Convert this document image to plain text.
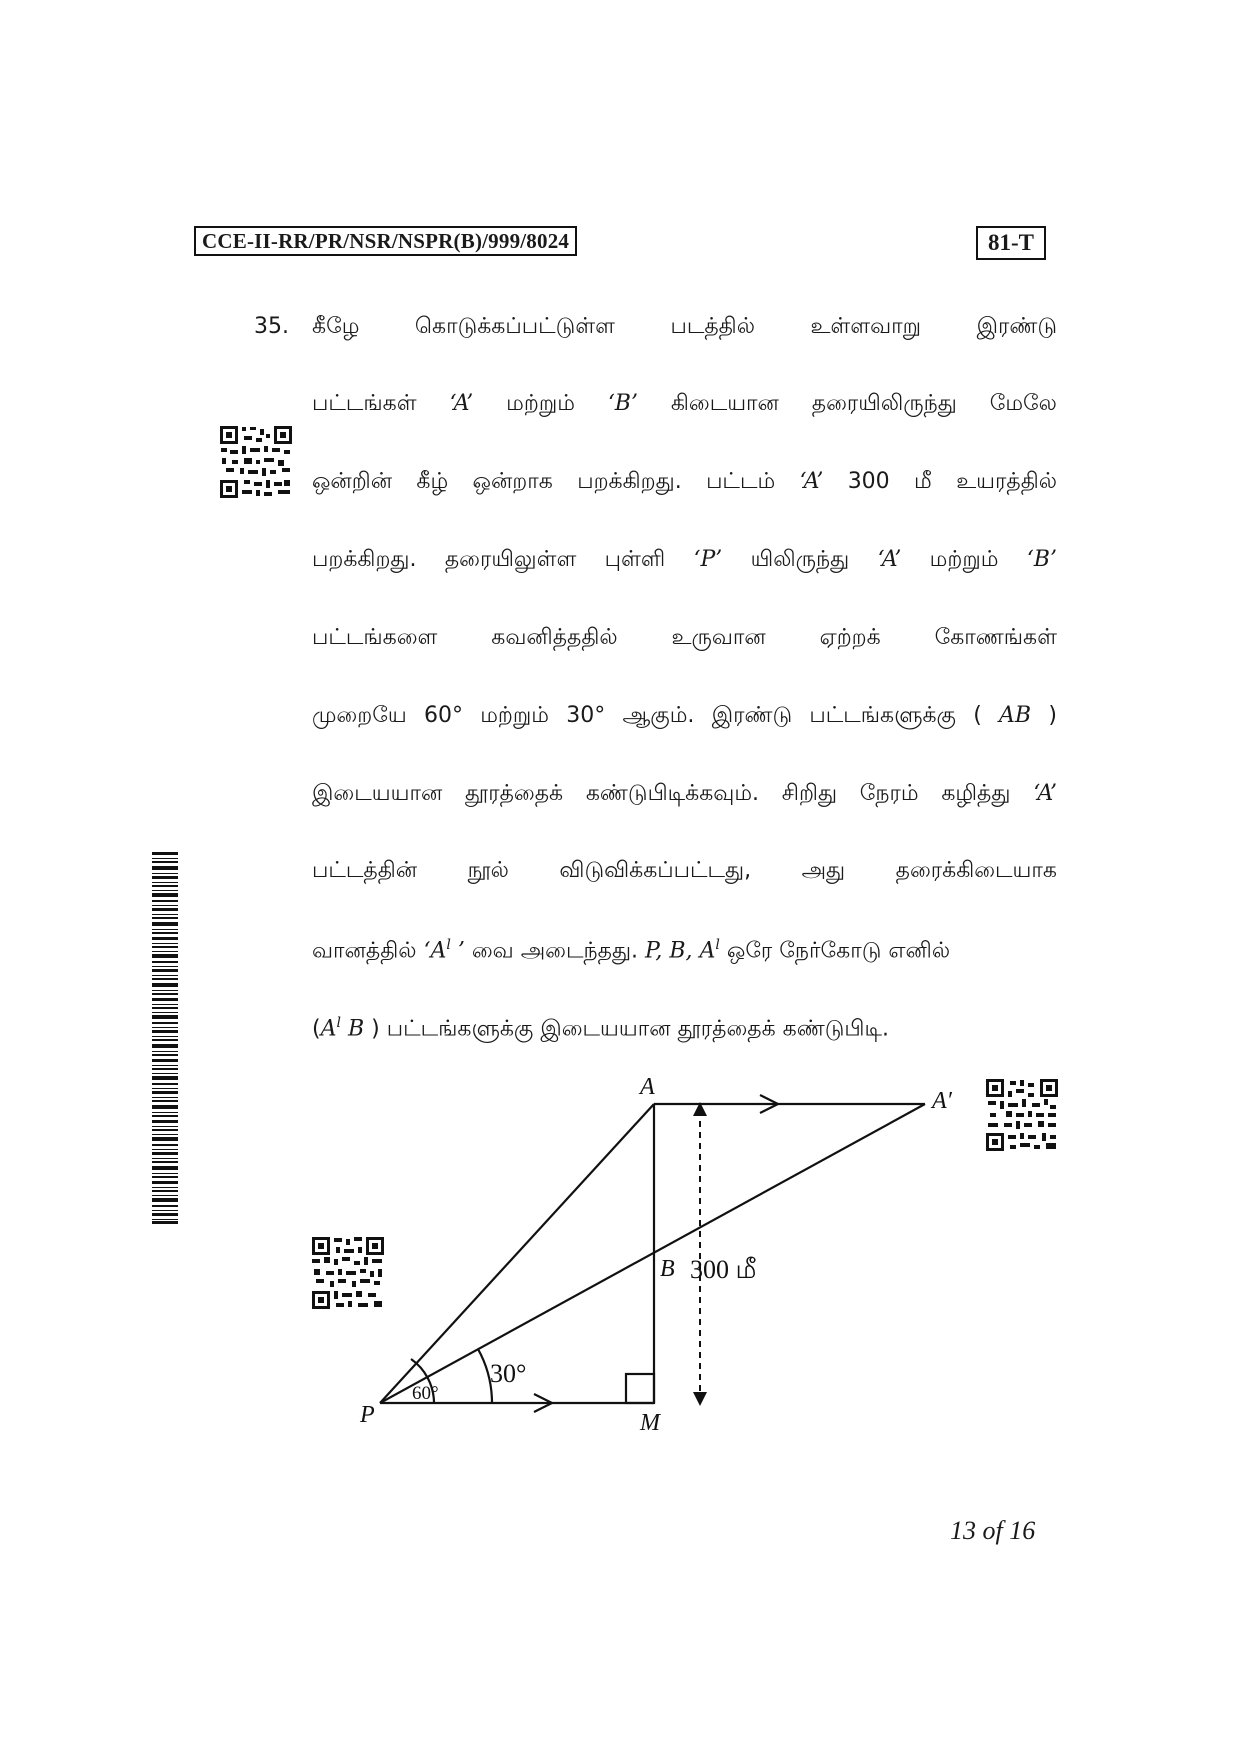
CCE-II-RR/PR/NSR/NSPR(B)/999/8024	81-T
35. கீழே	கொடுக்கப்பட்டுள்ள	படத்தில்	உள்ளவாறு	இரண்டு
பட்டங்கள் ‘A’ மற்றும் ‘B’ கிடையான தரையிலிருந்து மேலே
ஒன்றின் கீழ் ஒன்றாக பறக்கிறது. பட்டம் ‘A’ 300 மீ உயரத்தில்
பறக்கிறது. தரையிலுள்ள புள்ளி ‘P’ யிலிருந்து ‘A’ மற்றும் ‘B’
பட்டங்களை கவனித்ததில் உருவான ஏற்றக் கோணங்கள்
முறையே 60° மற்றும் 30° ஆகும். இரண்டு பட்டங்களுக்கு ( AB )
இடையயான தூரத்தைக் கண்டுபிடிக்கவும். சிறிது நேரம் கழித்து ‘A’
பட்டத்தின் நூல் விடுவிக்கப்பட்டது, அது தரைக்கிடையாக
வானத்தில் ‘$A^l$ ’ வை அடைந்தது. P, B, $A^l$ ஒரே நேர்கோடு எனில்
($A^l$ B ) பட்டங்களுக்கு இடையயான தூரத்தைக் கண்டுபிடி.
A
A′
B 300 மீ
P	M
60°
30°
13 of 16
